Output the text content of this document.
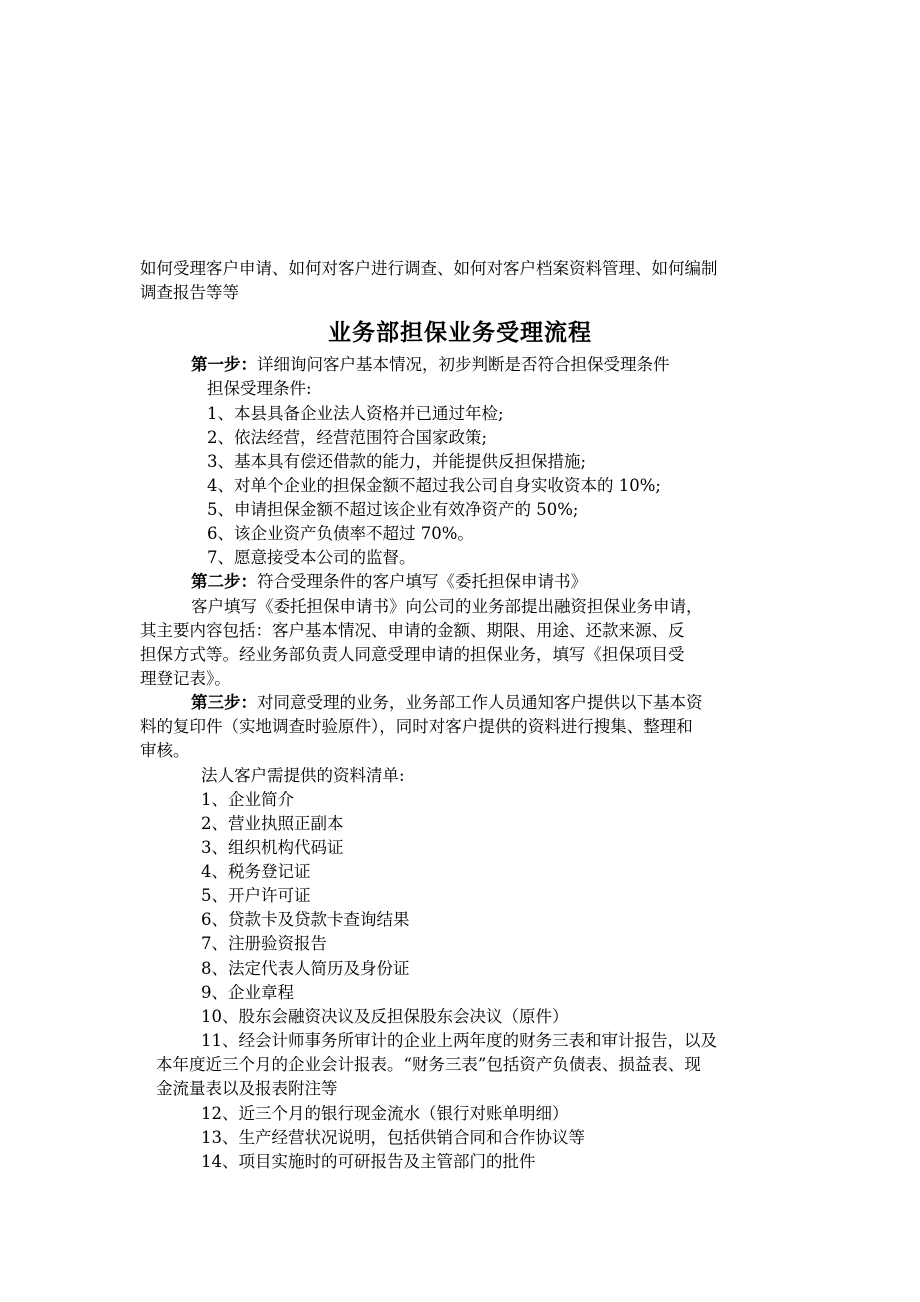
如何受理客户申请、如何对客户进行调查、如何对客户档案资料管理、如何编制
调查报告等等
业务部担保业务受理流程
第一步：详细询问客户基本情况，初步判断是否符合担保受理条件
担保受理条件:
1、本县具备企业法人资格并已通过年检;
2、依法经营，经营范围符合国家政策;
3、基本具有偿还借款的能力，并能提供反担保措施;
4、对单个企业的担保金额不超过我公司自身实收资本的 10%;
5、申请担保金额不超过该企业有效净资产的 50%;
6、该企业资产负债率不超过 70%。
7、愿意接受本公司的监督。
第二步：符合受理条件的客户填写《委托担保申请书》
客户填写《委托担保申请书》向公司的业务部提出融资担保业务申请，
其主要内容包括：客户基本情况、申请的金额、期限、用途、还款来源、反
担保方式等。经业务部负责人同意受理申请的担保业务，填写《担保项目受
理登记表》。
第三步：对同意受理的业务，业务部工作人员通知客户提供以下基本资
料的复印件（实地调查时验原件），同时对客户提供的资料进行搜集、整理和
审核。
法人客户需提供的资料清单:
1、企业简介
2、营业执照正副本
3、组织机构代码证
4、税务登记证
5、开户许可证
6、贷款卡及贷款卡查询结果
7、注册验资报告
8、法定代表人简历及身份证
9、企业章程
10、股东会融资决议及反担保股东会决议（原件）
11、经会计师事务所审计的企业上两年度的财务三表和审计报告，以及
本年度近三个月的企业会计报表。“财务三表”包括资产负债表、损益表、现
金流量表以及报表附注等
12、近三个月的银行现金流水（银行对账单明细）
13、生产经营状况说明，包括供销合同和合作协议等
14、项目实施时的可研报告及主管部门的批件
